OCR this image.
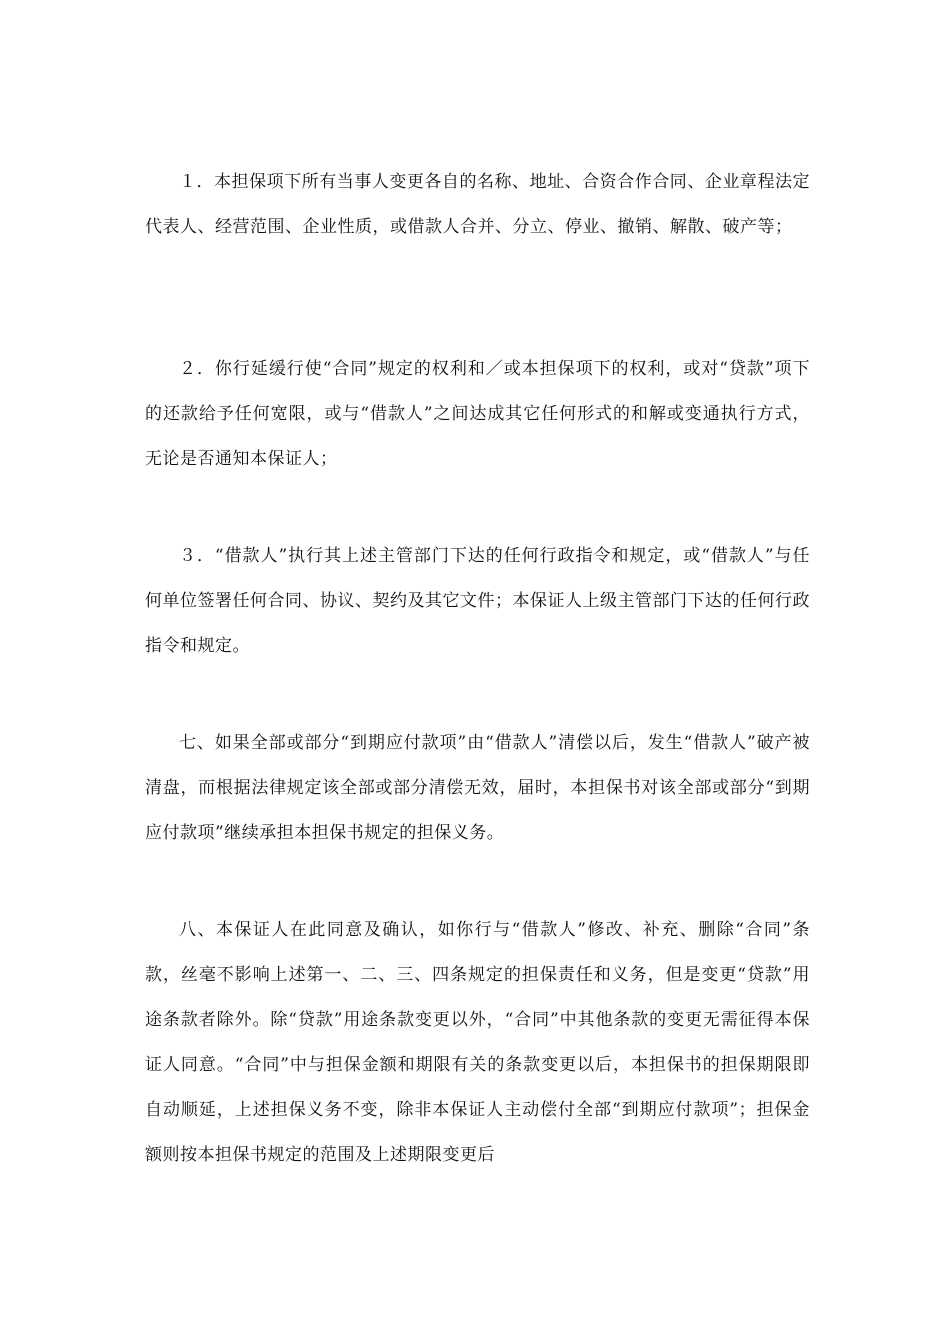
１．本担保项下所有当事人变更各自的名称、地址、合资合作合同、企业章程法定代表人、经营范围、企业性质，或借款人合并、分立、停业、撤销、解散、破产等；

２．你行延缓行使“合同”规定的权利和／或本担保项下的权利，或对“贷款”项下的还款给予任何宽限，或与“借款人”之间达成其它任何形式的和解或变通执行方式，无论是否通知本保证人；

３．“借款人”执行其上述主管部门下达的任何行政指令和规定，或“借款人”与任何单位签署任何合同、协议、契约及其它文件；本保证人上级主管部门下达的任何行政指令和规定。

七、如果全部或部分“到期应付款项”由“借款人”清偿以后，发生“借款人”破产被清盘，而根据法律规定该全部或部分清偿无效，届时，本担保书对该全部或部分“到期应付款项”继续承担本担保书规定的担保义务。

八、本保证人在此同意及确认，如你行与“借款人”修改、补充、删除“合同”条款，丝毫不影响上述第一、二、三、四条规定的担保责任和义务，但是变更“贷款”用途条款者除外。除“贷款”用途条款变更以外，“合同”中其他条款的变更无需征得本保证人同意。“合同”中与担保金额和期限有关的条款变更以后，本担保书的担保期限即自动顺延，上述担保义务不变，除非本保证人主动偿付全部“到期应付款项”；担保金额则按本担保书规定的范围及上述期限变更后
